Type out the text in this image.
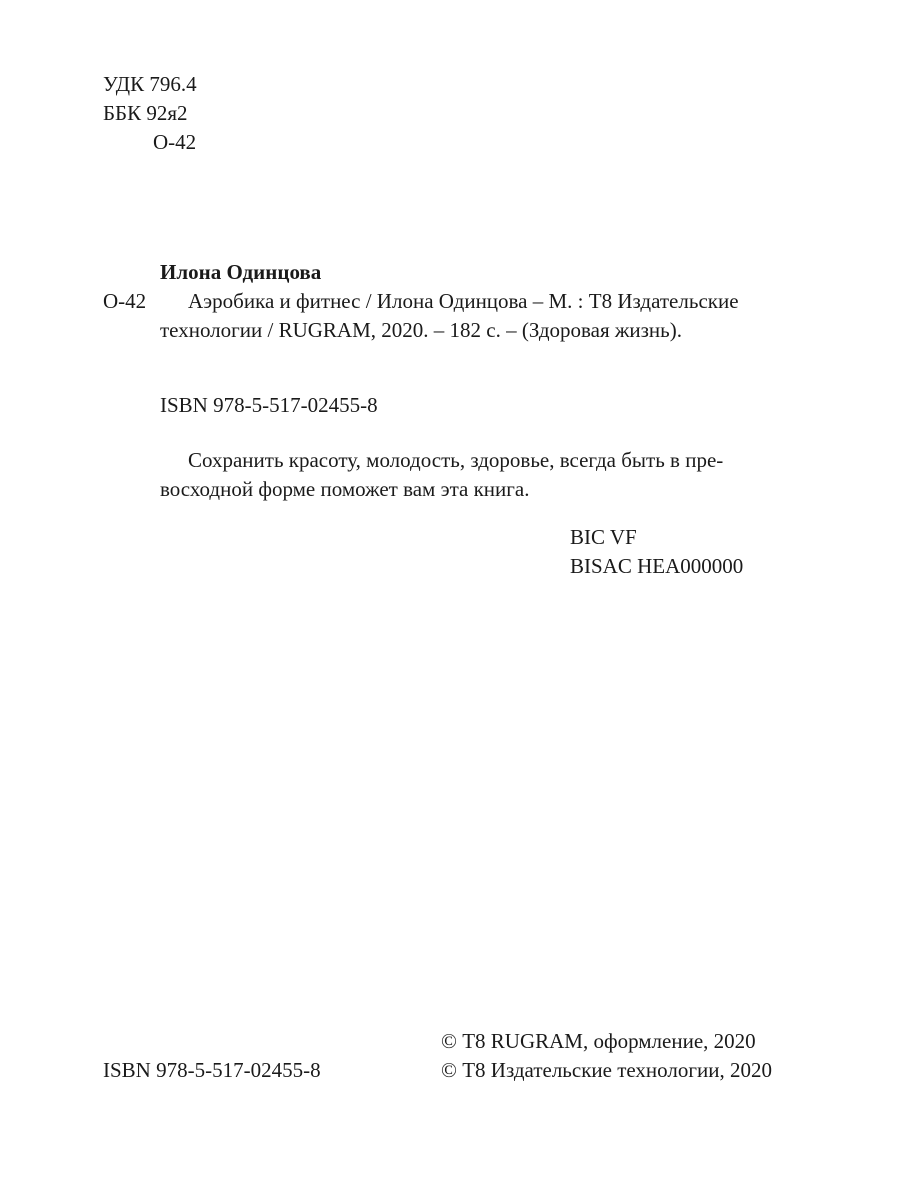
УДК 796.4
ББК 92я2
О-42
Илона Одинцова
О-42 Аэробика и фитнес / Илона Одинцова – М. : Т8 Издательские
технологии / RUGRAM, 2020. – 182 с. – (Здоровая жизнь).
ISBN 978-5-517-02455-8
Сохранить красоту, молодость, здоровье, всегда быть в пре-
восходной форме поможет вам эта книга.
BIC VF
BISAC HEA000000
© Т8 RUGRAM, оформление, 2020
© Т8 Издательские технологии, 2020
ISBN 978-5-517-02455-8
